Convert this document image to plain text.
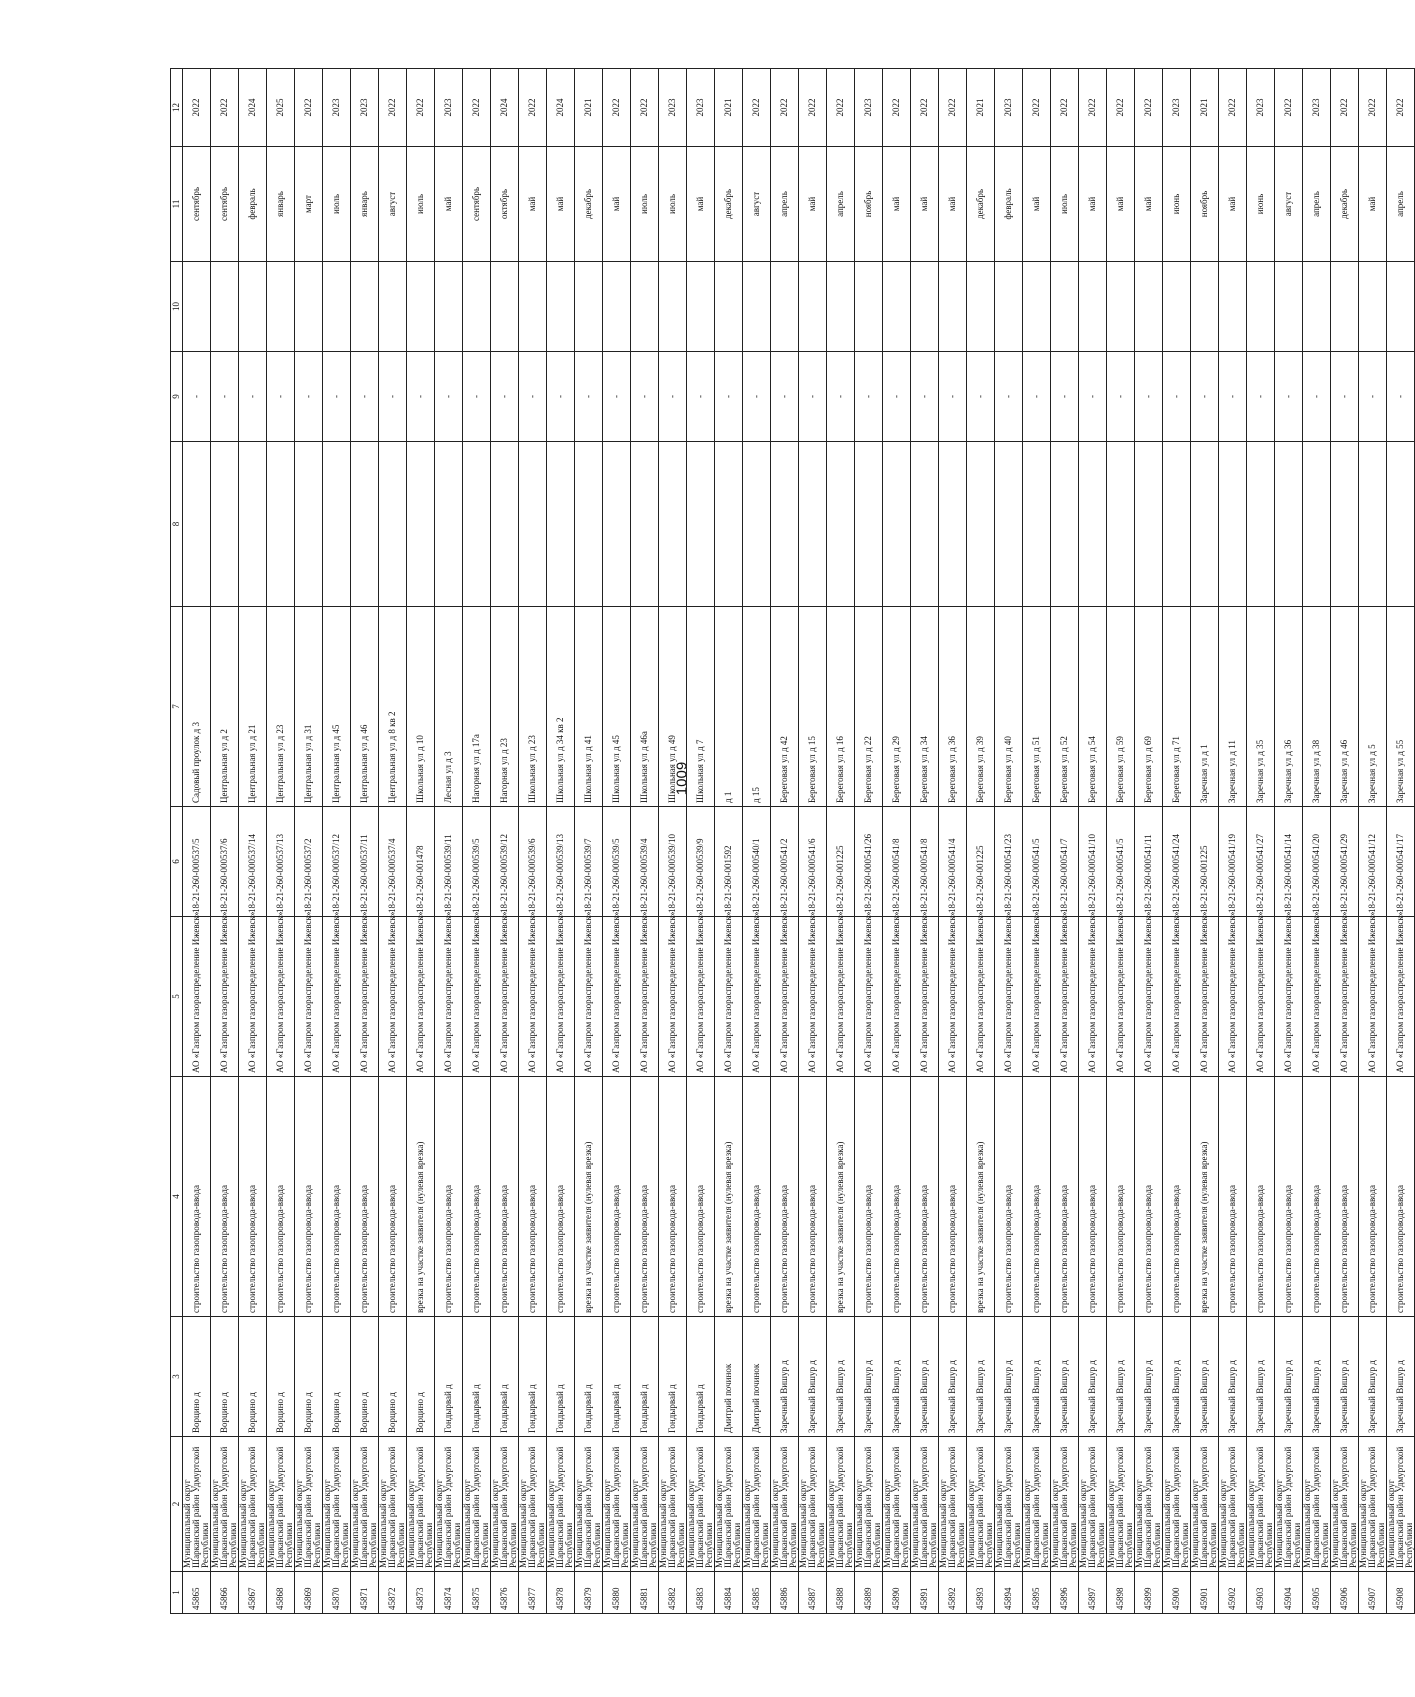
1009
1	2	3	4	5	6	7	8	9	10	11	12
45865	Муниципальный округ Шарканский район Удмуртской Республики	Ворцино д	строительство газопровода-ввода	АО «Газпром газораспределение Ижевск»	18-21-260-000537/5	Садовый проулок д 3		-		сентябрь	2022
45866	Муниципальный округ Шарканский район Удмуртской Республики	Ворцино д	строительство газопровода-ввода	АО «Газпром газораспределение Ижевск»	18-21-260-000537/6	Центральная ул д 2		-		сентябрь	2022
45867	Муниципальный округ Шарканский район Удмуртской Республики	Ворцино д	строительство газопровода-ввода	АО «Газпром газораспределение Ижевск»	18-21-260-000537/14	Центральная ул д 21		-		февраль	2024
45868	Муниципальный округ Шарканский район Удмуртской Республики	Ворцино д	строительство газопровода-ввода	АО «Газпром газораспределение Ижевск»	18-21-260-000537/13	Центральная ул д 23		-		январь	2025
45869	Муниципальный округ Шарканский район Удмуртской Республики	Ворцино д	строительство газопровода-ввода	АО «Газпром газораспределение Ижевск»	18-21-260-000537/2	Центральная ул д 31		-		март	2022
45870	Муниципальный округ Шарканский район Удмуртской Республики	Ворцино д	строительство газопровода-ввода	АО «Газпром газораспределение Ижевск»	18-21-260-000537/12	Центральная ул д 45		-		июль	2023
45871	Муниципальный округ Шарканский район Удмуртской Республики	Ворцино д	строительство газопровода-ввода	АО «Газпром газораспределение Ижевск»	18-21-260-000537/11	Центральная ул д 46		-		январь	2023
45872	Муниципальный округ Шарканский район Удмуртской Республики	Ворцино д	строительство газопровода-ввода	АО «Газпром газораспределение Ижевск»	18-21-260-000537/4	Центральная ул д 8 кв 2		-		август	2022
45873	Муниципальный округ Шарканский район Удмуртской Республики	Ворцино д	врезка на участке заявителя (нулевая врезка)	АО «Газпром газораспределение Ижевск»	18-21-260-001478	Школьная ул д 10		-		июль	2022
45874	Муниципальный округ Шарканский район Удмуртской Республики	Гондырвай д	строительство газопровода-ввода	АО «Газпром газораспределение Ижевск»	18-21-260-000539/11	Лесная ул д 3		-		май	2023
45875	Муниципальный округ Шарканский район Удмуртской Республики	Гондырвай д	строительство газопровода-ввода	АО «Газпром газораспределение Ижевск»	18-21-260-000539/5	Нагорная ул д 17а		-		сентябрь	2022
45876	Муниципальный округ Шарканский район Удмуртской Республики	Гондырвай д	строительство газопровода-ввода	АО «Газпром газораспределение Ижевск»	18-21-260-000539/12	Нагорная ул д 23		-		октябрь	2024
45877	Муниципальный округ Шарканский район Удмуртской Республики	Гондырвай д	строительство газопровода-ввода	АО «Газпром газораспределение Ижевск»	18-21-260-000539/6	Школьная ул д 23		-		май	2022
45878	Муниципальный округ Шарканский район Удмуртской Республики	Гондырвай д	строительство газопровода-ввода	АО «Газпром газораспределение Ижевск»	18-21-260-000539/13	Школьная ул д 34 кв 2		-		май	2024
45879	Муниципальный округ Шарканский район Удмуртской Республики	Гондырвай д	врезка на участке заявителя (нулевая врезка)	АО «Газпром газораспределение Ижевск»	18-21-260-000539/7	Школьная ул д 41		-		декабрь	2021
45880	Муниципальный округ Шарканский район Удмуртской Республики	Гондырвай д	строительство газопровода-ввода	АО «Газпром газораспределение Ижевск»	18-21-260-000539/5	Школьная ул д 45		-		май	2022
45881	Муниципальный округ Шарканский район Удмуртской Республики	Гондырвай д	строительство газопровода-ввода	АО «Газпром газораспределение Ижевск»	18-21-260-000539/4	Школьная ул д 46а		-		июль	2022
45882	Муниципальный округ Шарканский район Удмуртской Республики	Гондырвай д	строительство газопровода-ввода	АО «Газпром газораспределение Ижевск»	18-21-260-000539/10	Школьная ул д 49		-		июль	2023
45883	Муниципальный округ Шарканский район Удмуртской Республики	Гондырвай д	строительство газопровода-ввода	АО «Газпром газораспределение Ижевск»	18-21-260-000539/9	Школьная ул д 7		-		май	2023
45884	Муниципальный округ Шарканский район Удмуртской Республики	Дмитрий починок	врезка на участке заявителя (нулевая врезка)	АО «Газпром газораспределение Ижевск»	18-21-260-001592	д 1		-		декабрь	2021
45885	Муниципальный округ Шарканский район Удмуртской Республики	Дмитрий починок	строительство газопровода-ввода	АО «Газпром газораспределение Ижевск»	18-21-260-000540/1	д 15		-		август	2022
45886	Муниципальный округ Шарканский район Удмуртской Республики	Заречный Вишур д	строительство газопровода-ввода	АО «Газпром газораспределение Ижевск»	18-21-260-000541/2	Береговая ул д 42		-		апрель	2022
45887	Муниципальный округ Шарканский район Удмуртской Республики	Заречный Вишур д	строительство газопровода-ввода	АО «Газпром газораспределение Ижевск»	18-21-260-000541/6	Береговая ул д 15		-		май	2022
45888	Муниципальный округ Шарканский район Удмуртской Республики	Заречный Вишур д	врезка на участке заявителя (нулевая врезка)	АО «Газпром газораспределение Ижевск»	18-21-260-001225	Береговая ул д 16		-		апрель	2022
45889	Муниципальный округ Шарканский район Удмуртской Республики	Заречный Вишур д	строительство газопровода-ввода	АО «Газпром газораспределение Ижевск»	18-21-260-000541/26	Береговая ул д 22		-		ноябрь	2023
45890	Муниципальный округ Шарканский район Удмуртской Республики	Заречный Вишур д	строительство газопровода-ввода	АО «Газпром газораспределение Ижевск»	18-21-260-000541/8	Береговая ул д 29		-		май	2022
45891	Муниципальный округ Шарканский район Удмуртской Республики	Заречный Вишур д	строительство газопровода-ввода	АО «Газпром газораспределение Ижевск»	18-21-260-000541/8	Береговая ул д 34		-		май	2022
45892	Муниципальный округ Шарканский район Удмуртской Республики	Заречный Вишур д	строительство газопровода-ввода	АО «Газпром газораспределение Ижевск»	18-21-260-000541/4	Береговая ул д 36		-		май	2022
45893	Муниципальный округ Шарканский район Удмуртской Республики	Заречный Вишур д	врезка на участке заявителя (нулевая врезка)	АО «Газпром газораспределение Ижевск»	18-21-260-001225	Береговая ул д 39		-		декабрь	2021
45894	Муниципальный округ Шарканский район Удмуртской Республики	Заречный Вишур д	строительство газопровода-ввода	АО «Газпром газораспределение Ижевск»	18-21-260-000541/23	Береговая ул д 40		-		февраль	2023
45895	Муниципальный округ Шарканский район Удмуртской Республики	Заречный Вишур д	строительство газопровода-ввода	АО «Газпром газораспределение Ижевск»	18-21-260-000541/5	Береговая ул д 51		-		май	2022
45896	Муниципальный округ Шарканский район Удмуртской Республики	Заречный Вишур д	строительство газопровода-ввода	АО «Газпром газораспределение Ижевск»	18-21-260-000541/7	Береговая ул д 52		-		июль	2022
45897	Муниципальный округ Шарканский район Удмуртской Республики	Заречный Вишур д	строительство газопровода-ввода	АО «Газпром газораспределение Ижевск»	18-21-260-000541/10	Береговая ул д 54		-		май	2022
45898	Муниципальный округ Шарканский район Удмуртской Республики	Заречный Вишур д	строительство газопровода-ввода	АО «Газпром газораспределение Ижевск»	18-21-260-000541/5	Береговая ул д 59		-		май	2022
45899	Муниципальный округ Шарканский район Удмуртской Республики	Заречный Вишур д	строительство газопровода-ввода	АО «Газпром газораспределение Ижевск»	18-21-260-000541/11	Береговая ул д 69		-		май	2022
45900	Муниципальный округ Шарканский район Удмуртской Республики	Заречный Вишур д	строительство газопровода-ввода	АО «Газпром газораспределение Ижевск»	18-21-260-000541/24	Береговая ул д 71		-		июнь	2023
45901	Муниципальный округ Шарканский район Удмуртской Республики	Заречный Вишур д	врезка на участке заявителя (нулевая врезка)	АО «Газпром газораспределение Ижевск»	18-21-260-001225	Заречная ул д 1		-		ноябрь	2021
45902	Муниципальный округ Шарканский район Удмуртской Республики	Заречный Вишур д	строительство газопровода-ввода	АО «Газпром газораспределение Ижевск»	18-21-260-000541/19	Заречная ул д 11		-		май	2022
45903	Муниципальный округ Шарканский район Удмуртской Республики	Заречный Вишур д	строительство газопровода-ввода	АО «Газпром газораспределение Ижевск»	18-21-260-000541/27	Заречная ул д 35		-		июнь	2023
45904	Муниципальный округ Шарканский район Удмуртской Республики	Заречный Вишур д	строительство газопровода-ввода	АО «Газпром газораспределение Ижевск»	18-21-260-000541/14	Заречная ул д 36		-		август	2022
45905	Муниципальный округ Шарканский район Удмуртской Республики	Заречный Вишур д	строительство газопровода-ввода	АО «Газпром газораспределение Ижевск»	18-21-260-000541/20	Заречная ул д 38		-		апрель	2023
45906	Муниципальный округ Шарканский район Удмуртской Республики	Заречный Вишур д	строительство газопровода-ввода	АО «Газпром газораспределение Ижевск»	18-21-260-000541/29	Заречная ул д 46		-		декабрь	2022
45907	Муниципальный округ Шарканский район Удмуртской Республики	Заречный Вишур д	строительство газопровода-ввода	АО «Газпром газораспределение Ижевск»	18-21-260-000541/12	Заречная ул д 5		-		май	2022
45908	Муниципальный округ Шарканский район Удмуртской Республики	Заречный Вишур д	строительство газопровода-ввода	АО «Газпром газораспределение Ижевск»	18-21-260-000541/17	Заречная ул д 55		-		апрель	2022
